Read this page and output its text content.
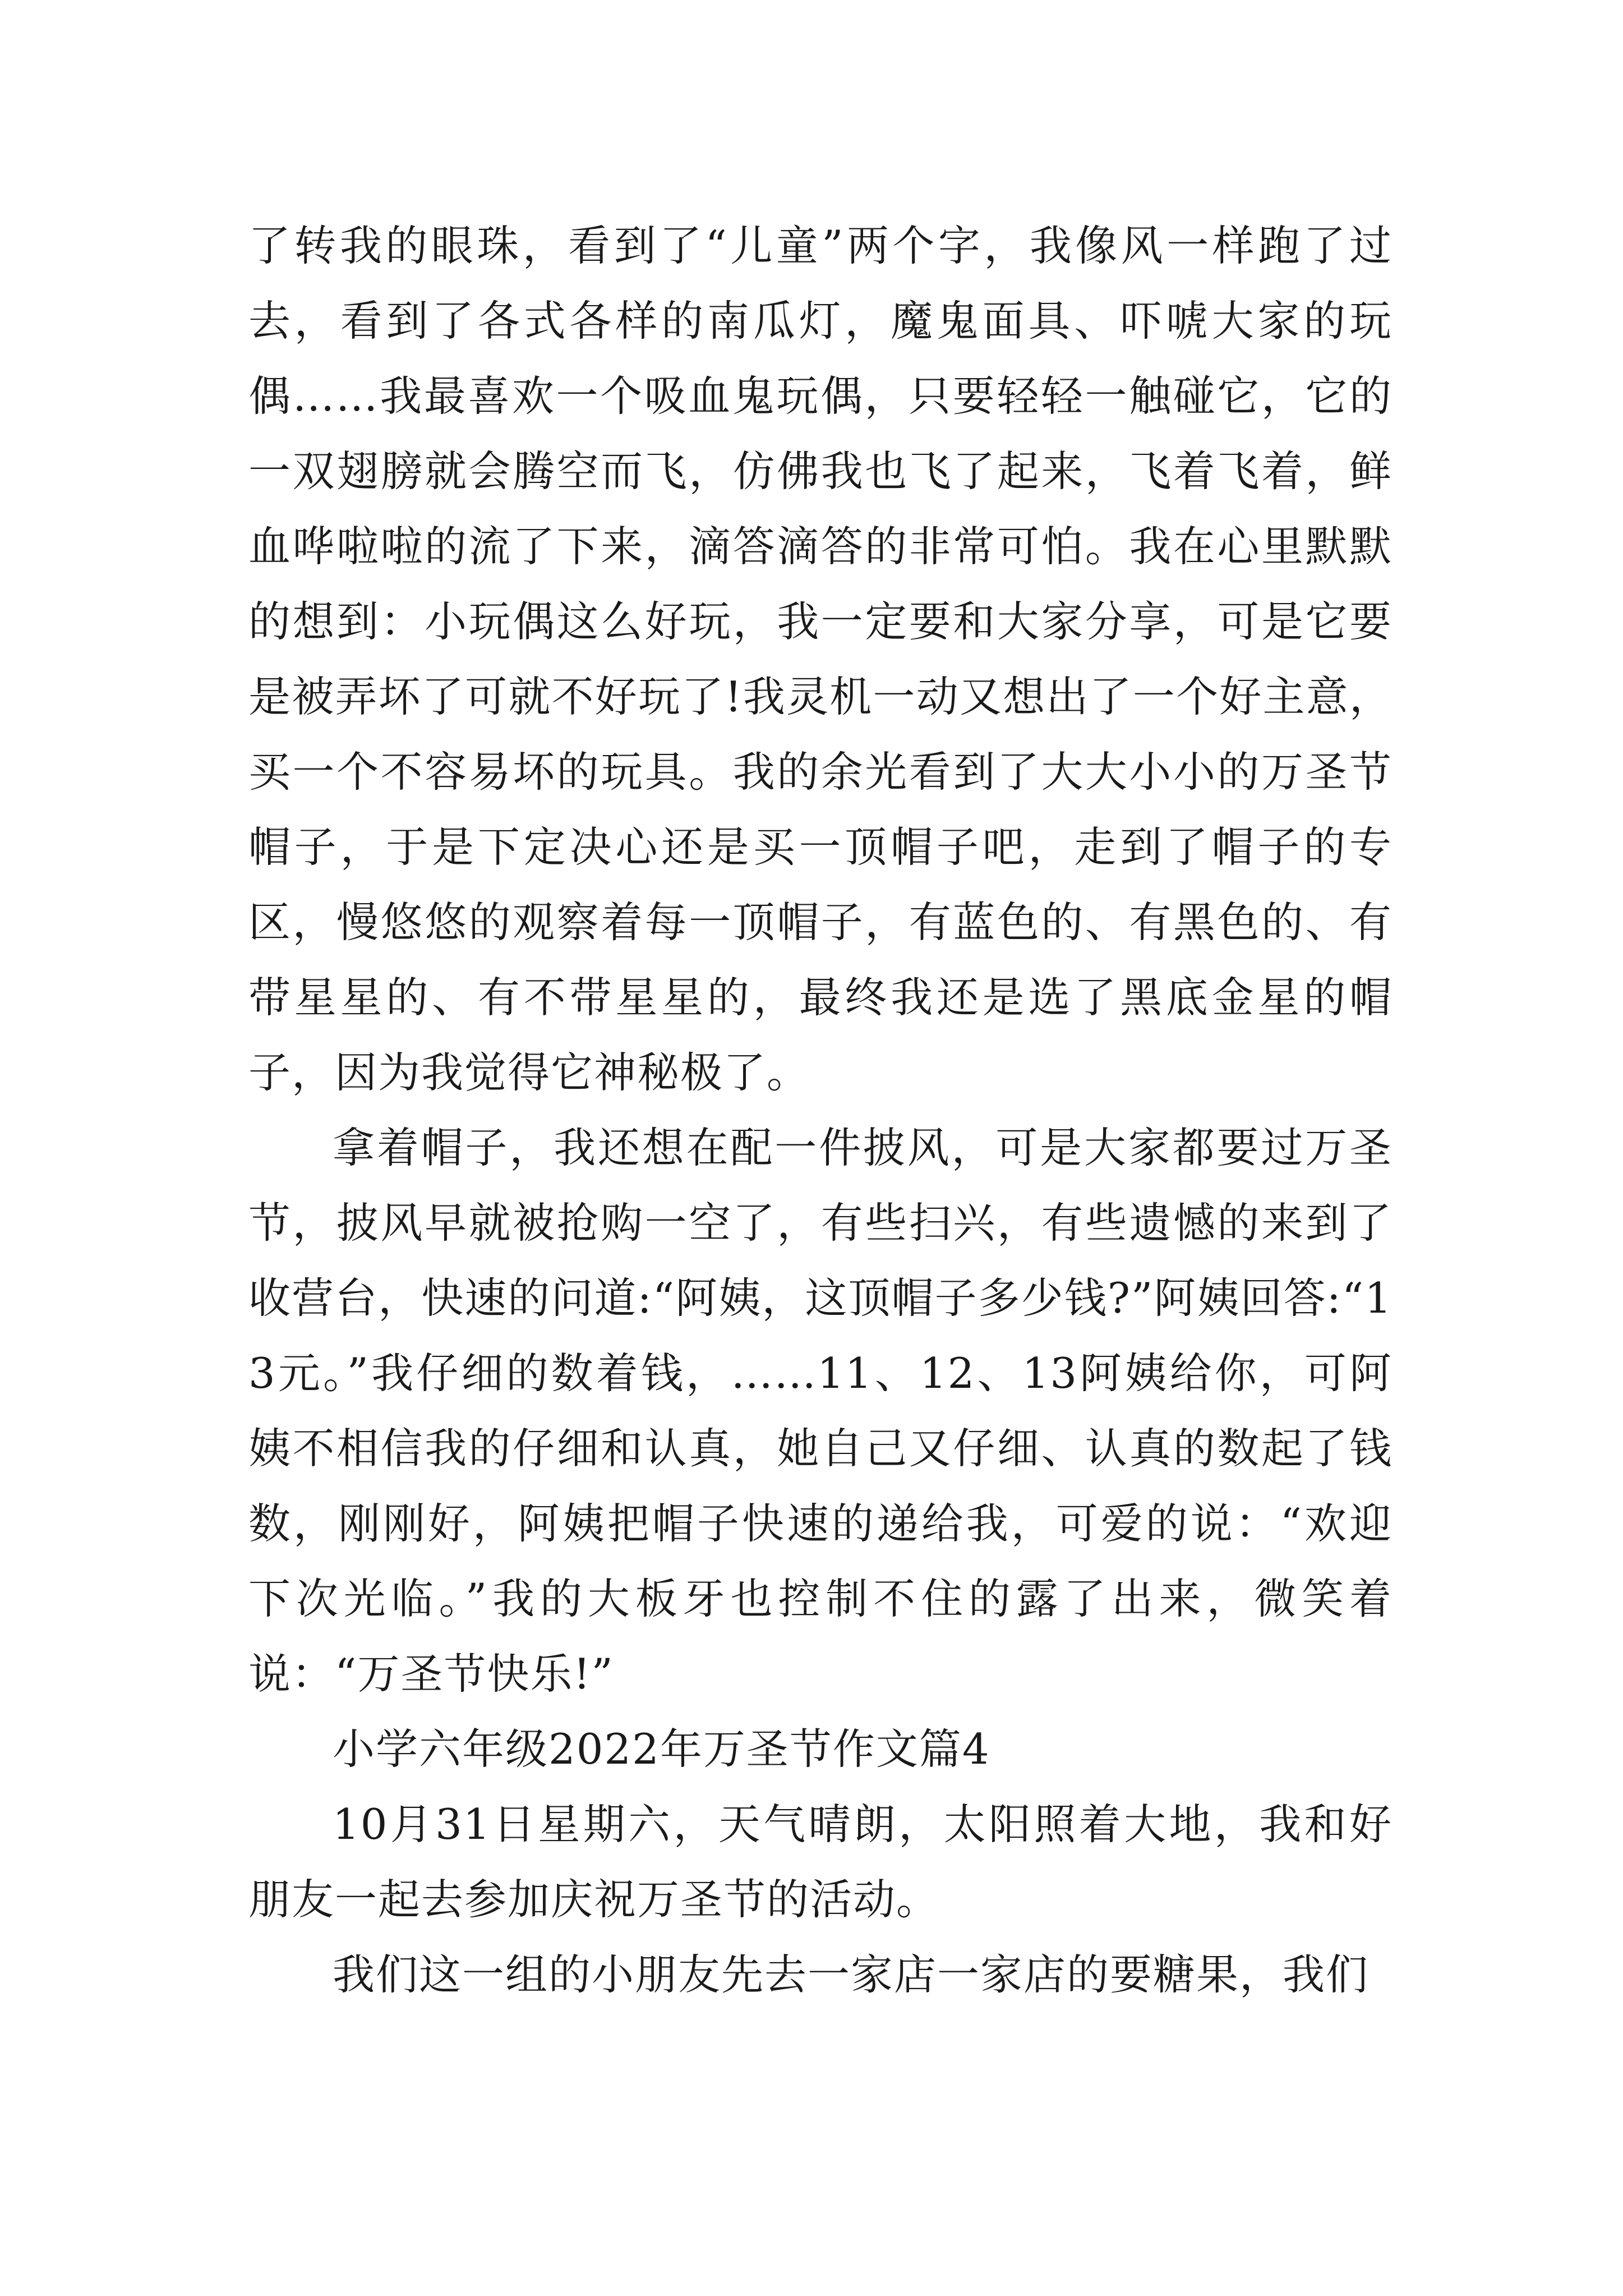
了转我的眼珠，看到了“儿童”两个字，我像风一样跑了过去，看到了各式各样的南瓜灯，魔鬼面具、吓唬大家的玩偶……我最喜欢一个吸血鬼玩偶，只要轻轻一触碰它，它的一双翅膀就会腾空而飞，仿佛我也飞了起来，飞着飞着，鲜血哗啦啦的流了下来，滴答滴答的非常可怕。我在心里默默的想到：小玩偶这么好玩，我一定要和大家分享，可是它要是被弄坏了可就不好玩了!我灵机一动又想出了一个好主意，买一个不容易坏的玩具。我的余光看到了大大小小的万圣节帽子，于是下定决心还是买一顶帽子吧，走到了帽子的专区，慢悠悠的观察着每一顶帽子，有蓝色的、有黑色的、有带星星的、有不带星星的，最终我还是选了黑底金星的帽子，因为我觉得它神秘极了。

拿着帽子，我还想在配一件披风，可是大家都要过万圣节，披风早就被抢购一空了，有些扫兴，有些遗憾的来到了收营台，快速的问道:“阿姨，这顶帽子多少钱?”阿姨回答:“13元。”我仔细的数着钱，……11、12、13阿姨给你，可阿姨不相信我的仔细和认真，她自己又仔细、认真的数起了钱数，刚刚好，阿姨把帽子快速的递给我，可爱的说：“欢迎下次光临。”我的大板牙也控制不住的露了出来，微笑着说：“万圣节快乐!”

小学六年级2022年万圣节作文篇4

10月31日星期六，天气晴朗，太阳照着大地，我和好朋友一起去参加庆祝万圣节的活动。

我们这一组的小朋友先去一家店一家店的要糖果，我们
